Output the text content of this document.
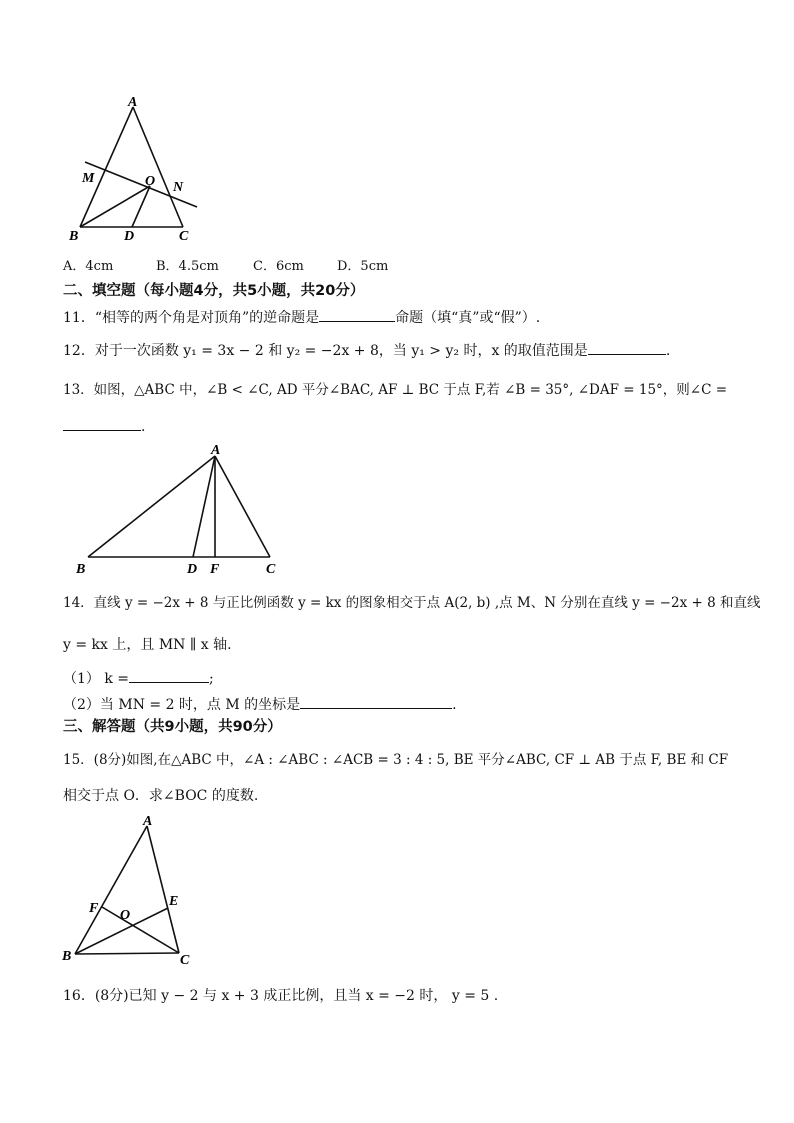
A
M	O N
B	D	C
A．4cm	B．4.5cm	C．6cm	D．5cm
二、填空题（每小题4分，共5小题，共20分）
11．“相等的两个角是对顶角”的逆命题是	命题（填“真”或“假”）.
12．对于一次函数 y₁ = 3x − 2 和 y₂ = −2x + 8，当 y₁ > y₂ 时，x 的取值范围是	.
13．如图，△ABC 中，∠B < ∠C, AD 平分∠BAC, AF ⊥ BC 于点 F,若 ∠B = 35°, ∠DAF = 15°，则∠C =
.
A
B	D F	C
14．直线 y = −2x + 8 与正比例函数 y = kx 的图象相交于点 A(2, b) ,点 M、N 分别在直线 y = −2x + 8 和直线
y = kx 上，且 MN ∥ x 轴.
（1） k =	;
（2）当 MN = 2 时，点 M 的坐标是	.
三、解答题（共9小题，共90分）
15．(8分)如图,在△ABC 中，∠A : ∠ABC : ∠ACB = 3 : 4 : 5, BE 平分∠ABC, CF ⊥ AB 于点 F, BE 和 CF
相交于点 O．求∠BOC 的度数.
A
F	E
O
B	C
16．(8分)已知 y − 2 与 x + 3 成正比例，且当 x = −2 时， y = 5 .
